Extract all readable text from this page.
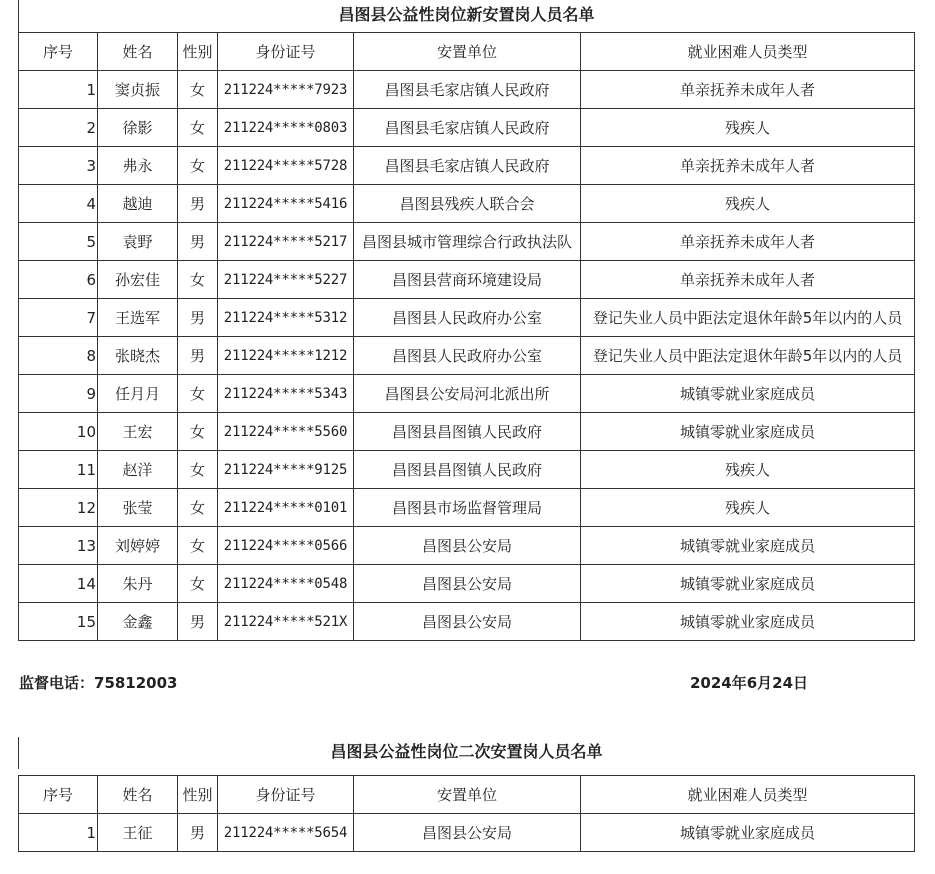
昌图县公益性岗位新安置岗人员名单
序号	姓名	性别	身份证号	安置单位	就业困难人员类型
1	窦贞振	女	211224*****7923	昌图县毛家店镇人民政府	单亲抚养未成年人者
2	徐影	女	211224*****0803	昌图县毛家店镇人民政府	残疾人
3	弗永	女	211224*****5728	昌图县毛家店镇人民政府	单亲抚养未成年人者
4	越迪	男	211224*****5416	昌图县残疾人联合会	残疾人
5	袁野	男	211224*****5217	昌图县城市管理综合行政执法队	单亲抚养未成年人者
6	孙宏佳	女	211224*****5227	昌图县营商环境建设局	单亲抚养未成年人者
7	王选军	男	211224*****5312	昌图县人民政府办公室	登记失业人员中距法定退休年龄5年以内的人员
8	张晓杰	男	211224*****1212	昌图县人民政府办公室	登记失业人员中距法定退休年龄5年以内的人员
9	任月月	女	211224*****5343	昌图县公安局河北派出所	城镇零就业家庭成员
10	王宏	女	211224*****5560	昌图县昌图镇人民政府	城镇零就业家庭成员
11	赵洋	女	211224*****9125	昌图县昌图镇人民政府	残疾人
12	张莹	女	211224*****0101	昌图县市场监督管理局	残疾人
13	刘婷婷	女	211224*****0566	昌图县公安局	城镇零就业家庭成员
14	朱丹	女	211224*****0548	昌图县公安局	城镇零就业家庭成员
15	金鑫	男	211224*****521X	昌图县公安局	城镇零就业家庭成员
监督电话：75812003	2024年6月24日
昌图县公益性岗位二次安置岗人员名单
序号	姓名	性别	身份证号	安置单位	就业困难人员类型
1	王征	男	211224*****5654	昌图县公安局	城镇零就业家庭成员
